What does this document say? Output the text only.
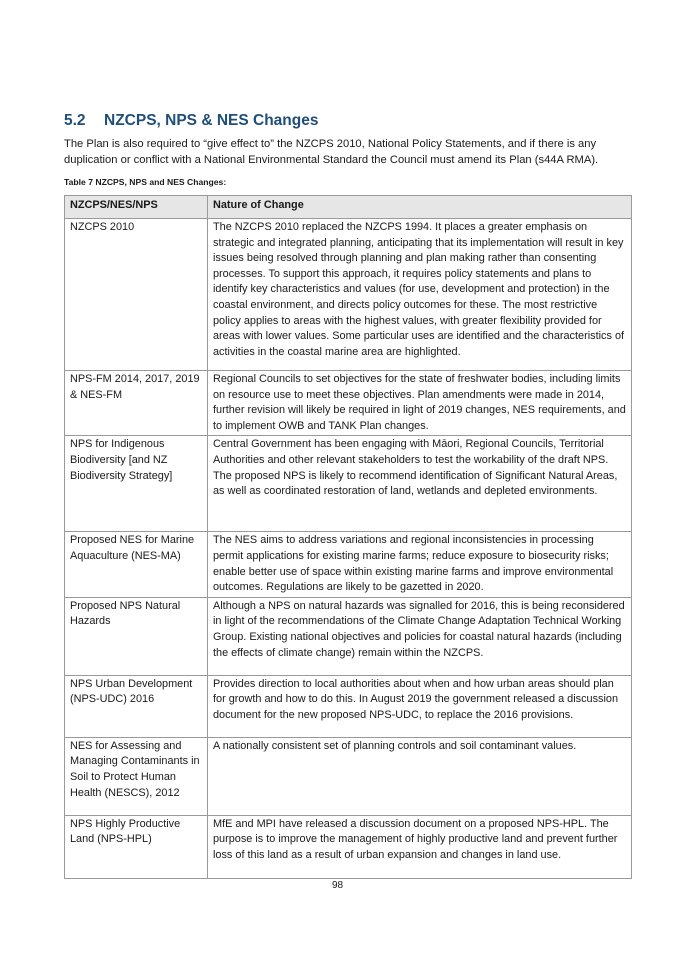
5.2	NZCPS, NPS & NES Changes

The Plan is also required to “give effect to” the NZCPS 2010, National Policy Statements, and if there is any duplication or conflict with a National Environmental Standard the Council must amend its Plan (s44A RMA).

Table 7 NZCPS, NPS and NES Changes:

NZCPS/NES/NPS	Nature of Change
NZCPS 2010	The NZCPS 2010 replaced the NZCPS 1994. It places a greater emphasis on strategic and integrated planning, anticipating that its implementation will result in key issues being resolved through planning and plan making rather than consenting processes. To support this approach, it requires policy statements and plans to identify key characteristics and values (for use, development and protection) in the coastal environment, and directs policy outcomes for these. The most restrictive policy applies to areas with the highest values, with greater flexibility provided for areas with lower values. Some particular uses are identified and the characteristics of activities in the coastal marine area are highlighted.

NPS-FM 2014, 2017, 2019 & NES-FM	Regional Councils to set objectives for the state of freshwater bodies, including limits on resource use to meet these objectives. Plan amendments were made in 2014, further revision will likely be required in light of 2019 changes, NES requirements, and to implement OWB and TANK Plan changes.

NPS for Indigenous Biodiversity [and NZ Biodiversity Strategy]	Central Government has been engaging with Māori, Regional Councils, Territorial Authorities and other relevant stakeholders to test the workability of the draft NPS.
The proposed NPS is likely to recommend identification of Significant Natural Areas, as well as coordinated restoration of land, wetlands and depleted environments.

Proposed NES for Marine Aquaculture (NES-MA)	The NES aims to address variations and regional inconsistencies in processing permit applications for existing marine farms; reduce exposure to biosecurity risks; enable better use of space within existing marine farms and improve environmental outcomes. Regulations are likely to be gazetted in 2020.

Proposed NPS Natural Hazards	Although a NPS on natural hazards was signalled for 2016, this is being reconsidered in light of the recommendations of the Climate Change Adaptation Technical Working Group. Existing national objectives and policies for coastal natural hazards (including the effects of climate change) remain within the NZCPS.

NPS Urban Development (NPS-UDC) 2016	Provides direction to local authorities about when and how urban areas should plan for growth and how to do this. In August 2019 the government released a discussion document for the new proposed NPS-UDC, to replace the 2016 provisions.

NES for Assessing and Managing Contaminants in Soil to Protect Human Health (NESCS), 2012	A nationally consistent set of planning controls and soil contaminant values.

NPS Highly Productive Land (NPS-HPL)	MfE and MPI have released a discussion document on a proposed NPS-HPL. The purpose is to improve the management of highly productive land and prevent further loss of this land as a result of urban expansion and changes in land use.
98
